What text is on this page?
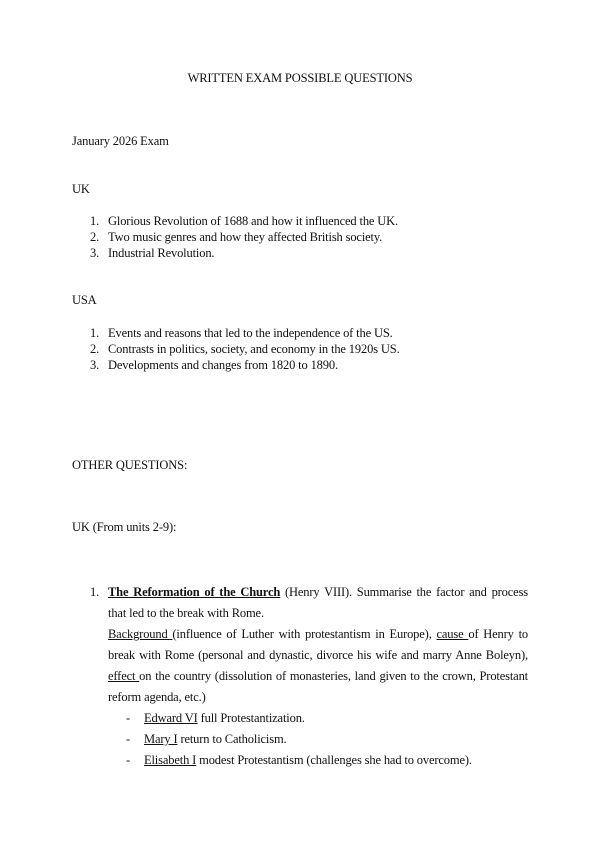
WRITTEN EXAM POSSIBLE QUESTIONS

January 2026 Exam

UK

1. Glorious Revolution of 1688 and how it influenced the UK.
2. Two music genres and how they affected British society.
3. Industrial Revolution.

USA

1. Events and reasons that led to the independence of the US.
2. Contrasts in politics, society, and economy in the 1920s US.
3. Developments and changes from 1820 to 1890.

OTHER QUESTIONS:

UK (From units 2-9):

1. The Reformation of the Church (Henry VIII). Summarise the factor and process that led to the break with Rome.
Background (influence of Luther with protestantism in Europe), cause of Henry to break with Rome (personal and dynastic, divorce his wife and marry Anne Boleyn), effect on the country (dissolution of monasteries, land given to the crown, Protestant reform agenda, etc.)
- Edward VI full Protestantization.
- Mary I return to Catholicism.
- Elisabeth I modest Protestantism (challenges she had to overcome).
